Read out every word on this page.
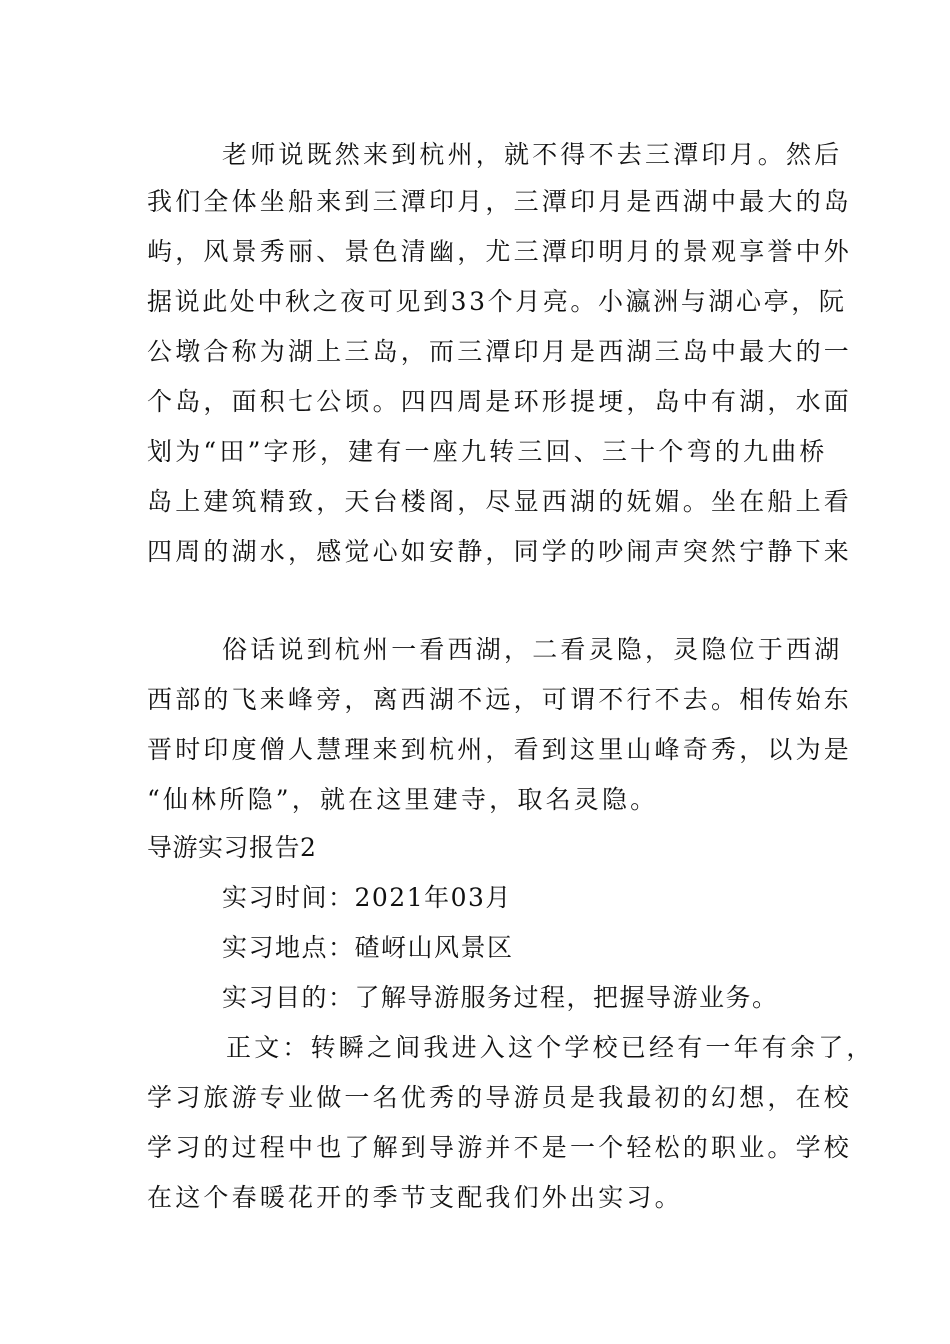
老师说既然来到杭州，就不得不去三潭印月。然后
我们全体坐船来到三潭印月，三潭印月是西湖中最大的岛
屿，风景秀丽、景色清幽，尤三潭印明月的景观享誉中外
据说此处中秋之夜可见到33个月亮。小瀛洲与湖心亭，阮
公墩合称为湖上三岛，而三潭印月是西湖三岛中最大的一
个岛，面积七公顷。四四周是环形提埂，岛中有湖，水面
划为“田”字形，建有一座九转三回、三十个弯的九曲桥
岛上建筑精致，天台楼阁，尽显西湖的妩媚。坐在船上看
四周的湖水，感觉心如安静，同学的吵闹声突然宁静下来
俗话说到杭州一看西湖，二看灵隐，灵隐位于西湖
西部的飞来峰旁，离西湖不远，可谓不行不去。相传始东
晋时印度僧人慧理来到杭州，看到这里山峰奇秀，以为是
“仙林所隐”，就在这里建寺，取名灵隐。
导游实习报告2
实习时间：2021年03月
实习地点：碴岈山风景区
实习目的：了解导游服务过程，把握导游业务。
正文：转瞬之间我进入这个学校已经有一年有余了，
学习旅游专业做一名优秀的导游员是我最初的幻想，在校
学习的过程中也了解到导游并不是一个轻松的职业。学校
在这个春暖花开的季节支配我们外出实习。
